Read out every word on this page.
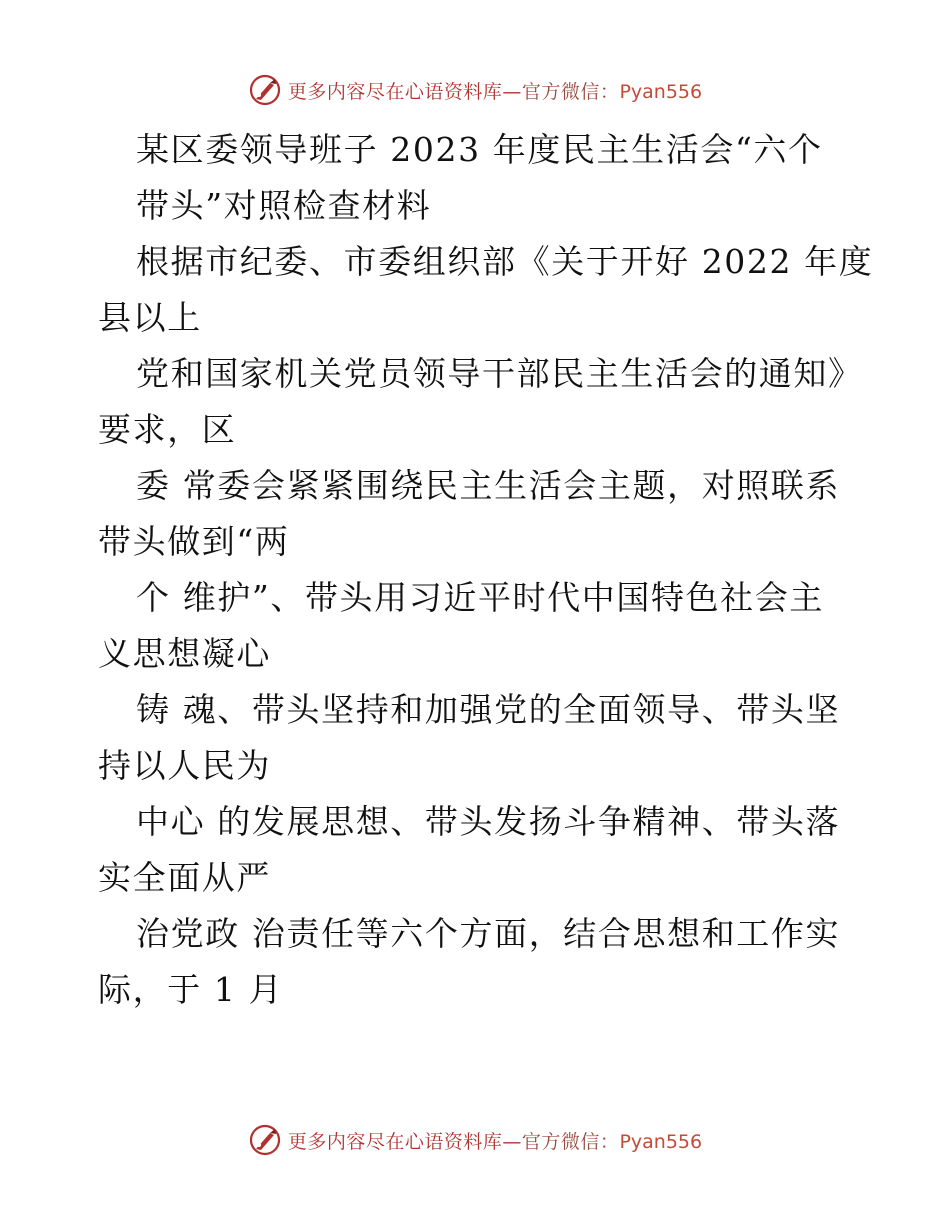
更多内容尽在心语资料库—官方微信：Pyan556
某区委领导班子 2023 年度民主生活会“六个
带头”对照检查材料
根据市纪委、市委组织部《关于开好 2022 年度
县以上
党和国家机关党员领导干部民主生活会的通知》
要求，区
委 常委会紧紧围绕民主生活会主题，对照联系
带头做到“两
个 维护”、带头用习近平时代中国特色社会主
义思想凝心
铸 魂、带头坚持和加强党的全面领导、带头坚
持以人民为
中心 的发展思想、带头发扬斗争精神、带头落
实全面从严
治党政 治责任等六个方面，结合思想和工作实
际，于 1 月
更多内容尽在心语资料库—官方微信：Pyan556
